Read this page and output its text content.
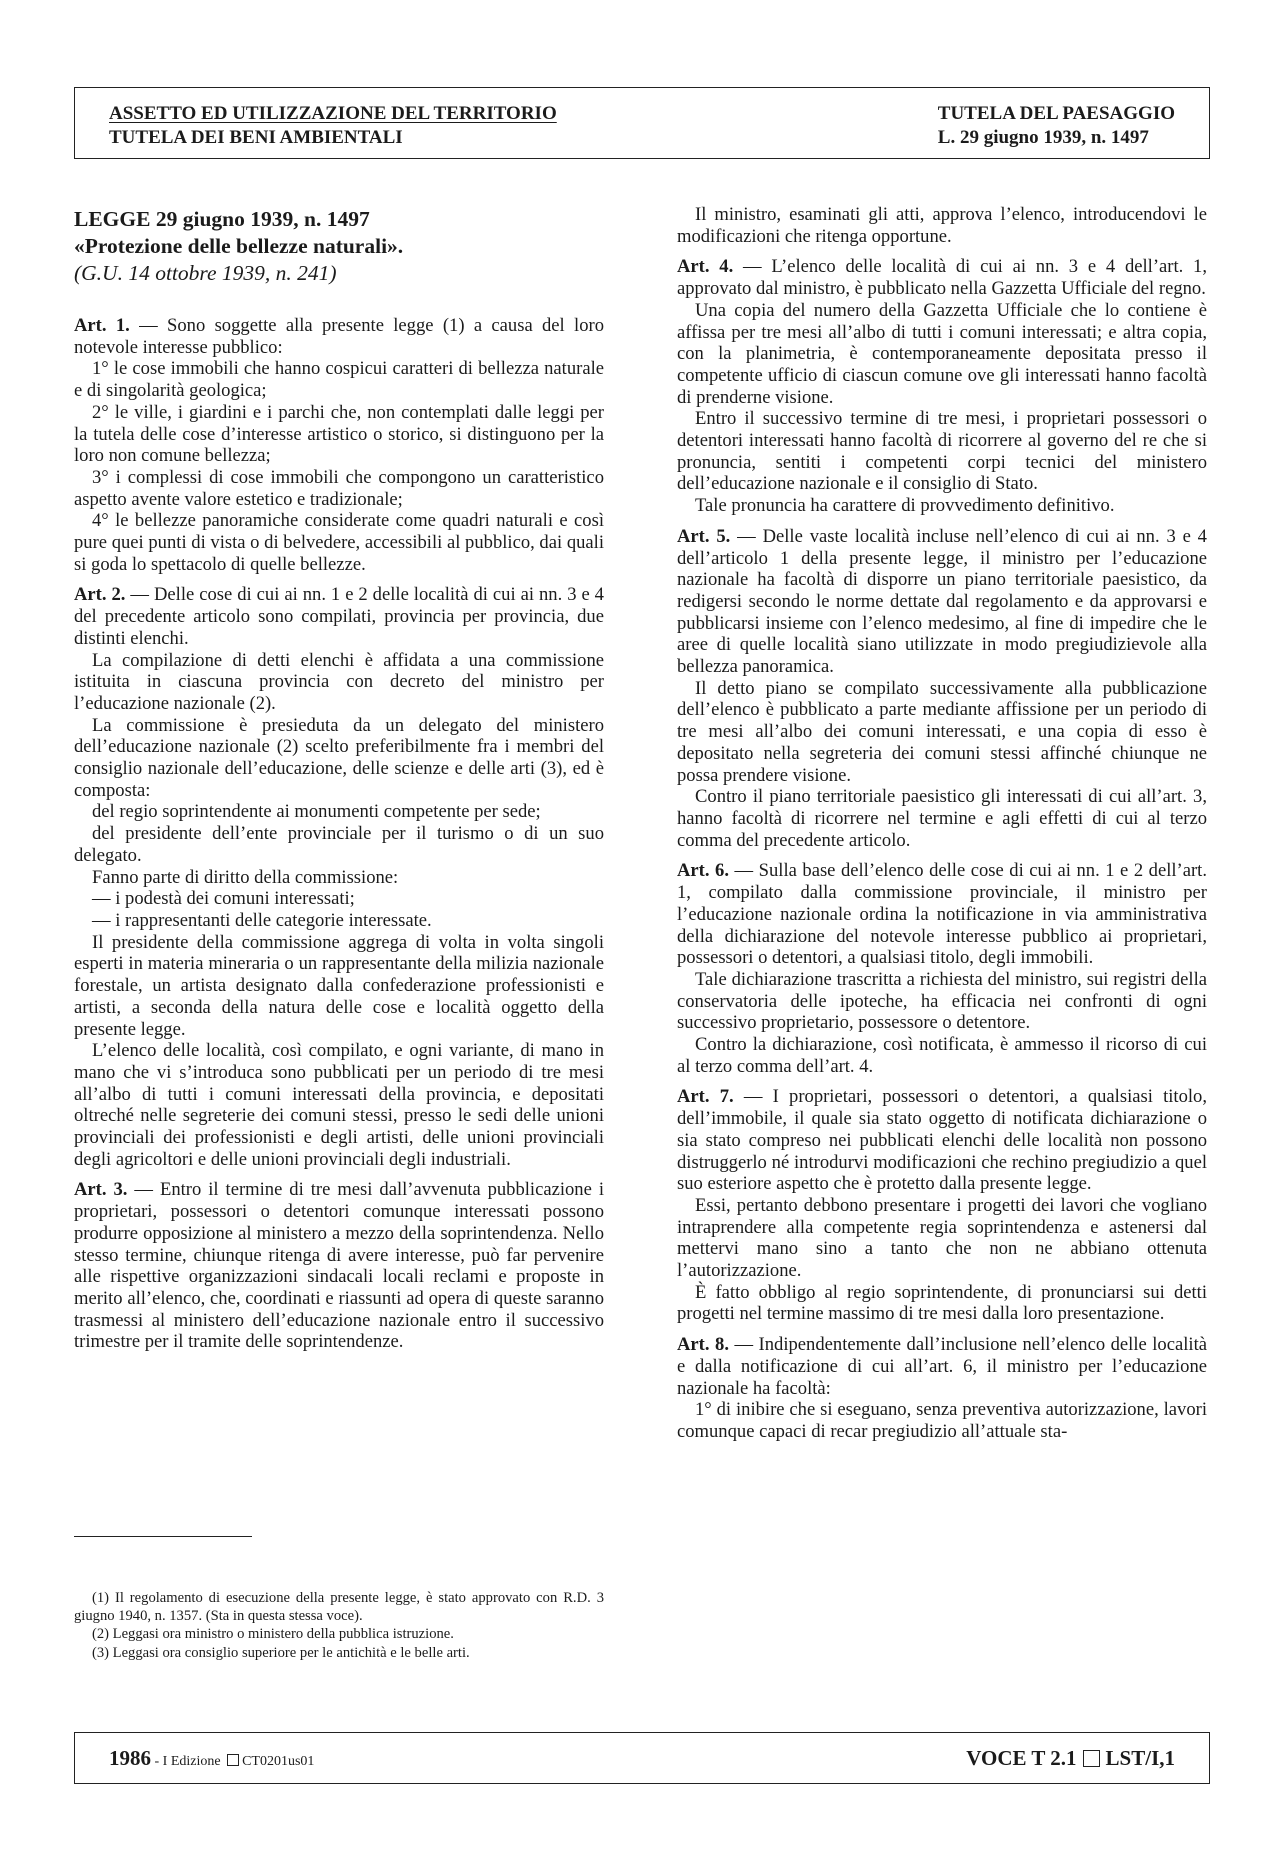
ASSETTO ED UTILIZZAZIONE DEL TERRITORIO
TUTELA DEI BENI AMBIENTALI
TUTELA DEL PAESAGGIO
L. 29 giugno 1939, n. 1497
LEGGE 29 giugno 1939, n. 1497
«Protezione delle bellezze naturali».
(G.U. 14 ottobre 1939, n. 241)

Art. 1. — Sono soggette alla presente legge (1) a causa del loro notevole interesse pubblico:

1° le cose immobili che hanno cospicui caratteri di bellezza naturale e di singolarità geologica;

2° le ville, i giardini e i parchi che, non contemplati dalle leggi per la tutela delle cose d’interesse artistico o storico, si distinguono per la loro non comune bellezza;

3° i complessi di cose immobili che compongono un caratteristico aspetto avente valore estetico e tradizionale;

4° le bellezze panoramiche considerate come quadri naturali e così pure quei punti di vista o di belvedere, accessibili al pubblico, dai quali si goda lo spettacolo di quelle bellezze.

Art. 2. — Delle cose di cui ai nn. 1 e 2 delle località di cui ai nn. 3 e 4 del precedente articolo sono compilati, provincia per provincia, due distinti elenchi.

La compilazione di detti elenchi è affidata a una commissione istituita in ciascuna provincia con decreto del ministro per l’educazione nazionale (2).

La commissione è presieduta da un delegato del ministero dell’educazione nazionale (2) scelto preferibilmente fra i membri del consiglio nazionale dell’educazione, delle scienze e delle arti (3), ed è composta:

del regio soprintendente ai monumenti competente per sede;

del presidente dell’ente provinciale per il turismo o di un suo delegato.

Fanno parte di diritto della commissione:

— i podestà dei comuni interessati;

— i rappresentanti delle categorie interessate.

Il presidente della commissione aggrega di volta in volta singoli esperti in materia mineraria o un rappresentante della milizia nazionale forestale, un artista designato dalla confederazione professionisti e artisti, a seconda della natura delle cose e località oggetto della presente legge.

L’elenco delle località, così compilato, e ogni variante, di mano in mano che vi s’introduca sono pubblicati per un periodo di tre mesi all’albo di tutti i comuni interessati della provincia, e depositati oltreché nelle segreterie dei comuni stessi, presso le sedi delle unioni provinciali dei professionisti e degli artisti, delle unioni provinciali degli agricoltori e delle unioni provinciali degli industriali.

Art. 3. — Entro il termine di tre mesi dall’avvenuta pubblicazione i proprietari, possessori o detentori comunque interessati possono produrre opposizione al ministero a mezzo della soprintendenza. Nello stesso termine, chiunque ritenga di avere interesse, può far pervenire alle rispettive organizzazioni sindacali locali reclami e proposte in merito all’elenco, che, coordinati e riassunti ad opera di queste saranno trasmessi al ministero dell’educazione nazionale entro il successivo trimestre per il tramite delle soprintendenze.

Il ministro, esaminati gli atti, approva l’elenco, introducendovi le modificazioni che ritenga opportune.

Art. 4. — L’elenco delle località di cui ai nn. 3 e 4 dell’art. 1, approvato dal ministro, è pubblicato nella Gazzetta Ufficiale del regno.

Una copia del numero della Gazzetta Ufficiale che lo contiene è affissa per tre mesi all’albo di tutti i comuni interessati; e altra copia, con la planimetria, è contemporaneamente depositata presso il competente ufficio di ciascun comune ove gli interessati hanno facoltà di prenderne visione.

Entro il successivo termine di tre mesi, i proprietari possessori o detentori interessati hanno facoltà di ricorrere al governo del re che si pronuncia, sentiti i competenti corpi tecnici del ministero dell’educazione nazionale e il consiglio di Stato.

Tale pronuncia ha carattere di provvedimento definitivo.

Art. 5. — Delle vaste località incluse nell’elenco di cui ai nn. 3 e 4 dell’articolo 1 della presente legge, il ministro per l’educazione nazionale ha facoltà di disporre un piano territoriale paesistico, da redigersi secondo le norme dettate dal regolamento e da approvarsi e pubblicarsi insieme con l’elenco medesimo, al fine di impedire che le aree di quelle località siano utilizzate in modo pregiudizievole alla bellezza panoramica.

Il detto piano se compilato successivamente alla pubblicazione dell’elenco è pubblicato a parte mediante affissione per un periodo di tre mesi all’albo dei comuni interessati, e una copia di esso è depositato nella segreteria dei comuni stessi affinché chiunque ne possa prendere visione.

Contro il piano territoriale paesistico gli interessati di cui all’art. 3, hanno facoltà di ricorrere nel termine e agli effetti di cui al terzo comma del precedente articolo.

Art. 6. — Sulla base dell’elenco delle cose di cui ai nn. 1 e 2 dell’art. 1, compilato dalla commissione provinciale, il ministro per l’educazione nazionale ordina la notificazione in via amministrativa della dichiarazione del notevole interesse pubblico ai proprietari, possessori o detentori, a qualsiasi titolo, degli immobili.

Tale dichiarazione trascritta a richiesta del ministro, sui registri della conservatoria delle ipoteche, ha efficacia nei confronti di ogni successivo proprietario, possessore o detentore.

Contro la dichiarazione, così notificata, è ammesso il ricorso di cui al terzo comma dell’art. 4.

Art. 7. — I proprietari, possessori o detentori, a qualsiasi titolo, dell’immobile, il quale sia stato oggetto di notificata dichiarazione o sia stato compreso nei pubblicati elenchi delle località non possono distruggerlo né introdurvi modificazioni che rechino pregiudizio a quel suo esteriore aspetto che è protetto dalla presente legge.

Essi, pertanto debbono presentare i progetti dei lavori che vogliano intraprendere alla competente regia soprintendenza e astenersi dal mettervi mano sino a tanto che non ne abbiano ottenuta l’autorizzazione.

È fatto obbligo al regio soprintendente, di pronunciarsi sui detti progetti nel termine massimo di tre mesi dalla loro presentazione.

Art. 8. — Indipendentemente dall’inclusione nell’elenco delle località e dalla notificazione di cui all’art. 6, il ministro per l’educazione nazionale ha facoltà:

1° di inibire che si eseguano, senza preventiva autorizzazione, lavori comunque capaci di recar pregiudizio all’attuale sta-

(1) Il regolamento di esecuzione della presente legge, è stato approvato con R.D. 3 giugno 1940, n. 1357. (Sta in questa stessa voce).

(2) Leggasi ora ministro o ministero della pubblica istruzione.

(3) Leggasi ora consiglio superiore per le antichità e le belle arti.

1986 - I Edizione CT0201us01	VOCE T 2.1 LST/I,1
